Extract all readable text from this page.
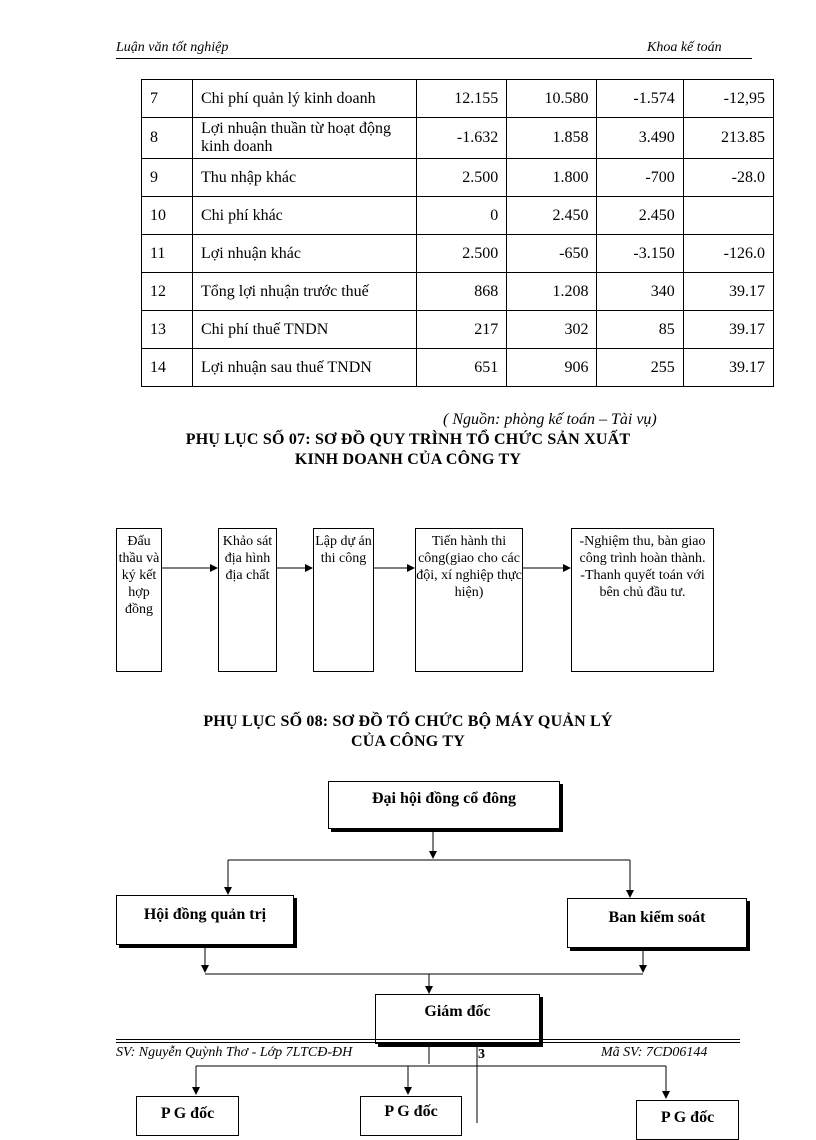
Luận văn tốt nghiệp	Khoa kế toán
7	Chi phí quản lý kinh doanh	12.155	10.580	-1.574	-12,95
8	Lợi nhuận thuần từ hoạt động kinh doanh	-1.632	1.858	3.490	213.85
9	Thu nhập khác	2.500	1.800	-700	-28.0
10	Chi phí khác	0	2.450	2.450	
11	Lợi nhuận khác	2.500	-650	-3.150	-126.0
12	Tổng lợi nhuận trước thuế	868	1.208	340	39.17
13	Chi phí thuế TNDN	217	302	85	39.17
14	Lợi nhuận sau thuế TNDN	651	906	255	39.17
( Nguồn: phòng kế toán – Tài vụ)
PHỤ LỤC SỐ 07: SƠ ĐỒ QUY TRÌNH TỔ CHỨC SẢN XUẤT
KINH DOANH CỦA CÔNG TY
Đấu thầu và ký kết hợp đồng
Khảo sát địa hình địa chất
Lập dự án thi công
Tiến hành thi công(giao cho các đội, xí nghiệp thực hiện)
-Nghiệm thu, bàn giao công trình hoàn thành. -Thanh quyết toán với bên chủ đầu tư.
PHỤ LỤC SỐ 08: SƠ ĐỒ TỔ CHỨC BỘ MÁY QUẢN LÝ
CỦA CÔNG TY
Đại hội đồng cổ đông
Hội đồng quản trị	Ban kiểm soát
Giám đốc
SV: Nguyễn Quỳnh Thơ - Lớp 7LTCĐ-ĐH	3	Mã SV: 7CD06144
P G đốc	P G đốc	P G đốc
